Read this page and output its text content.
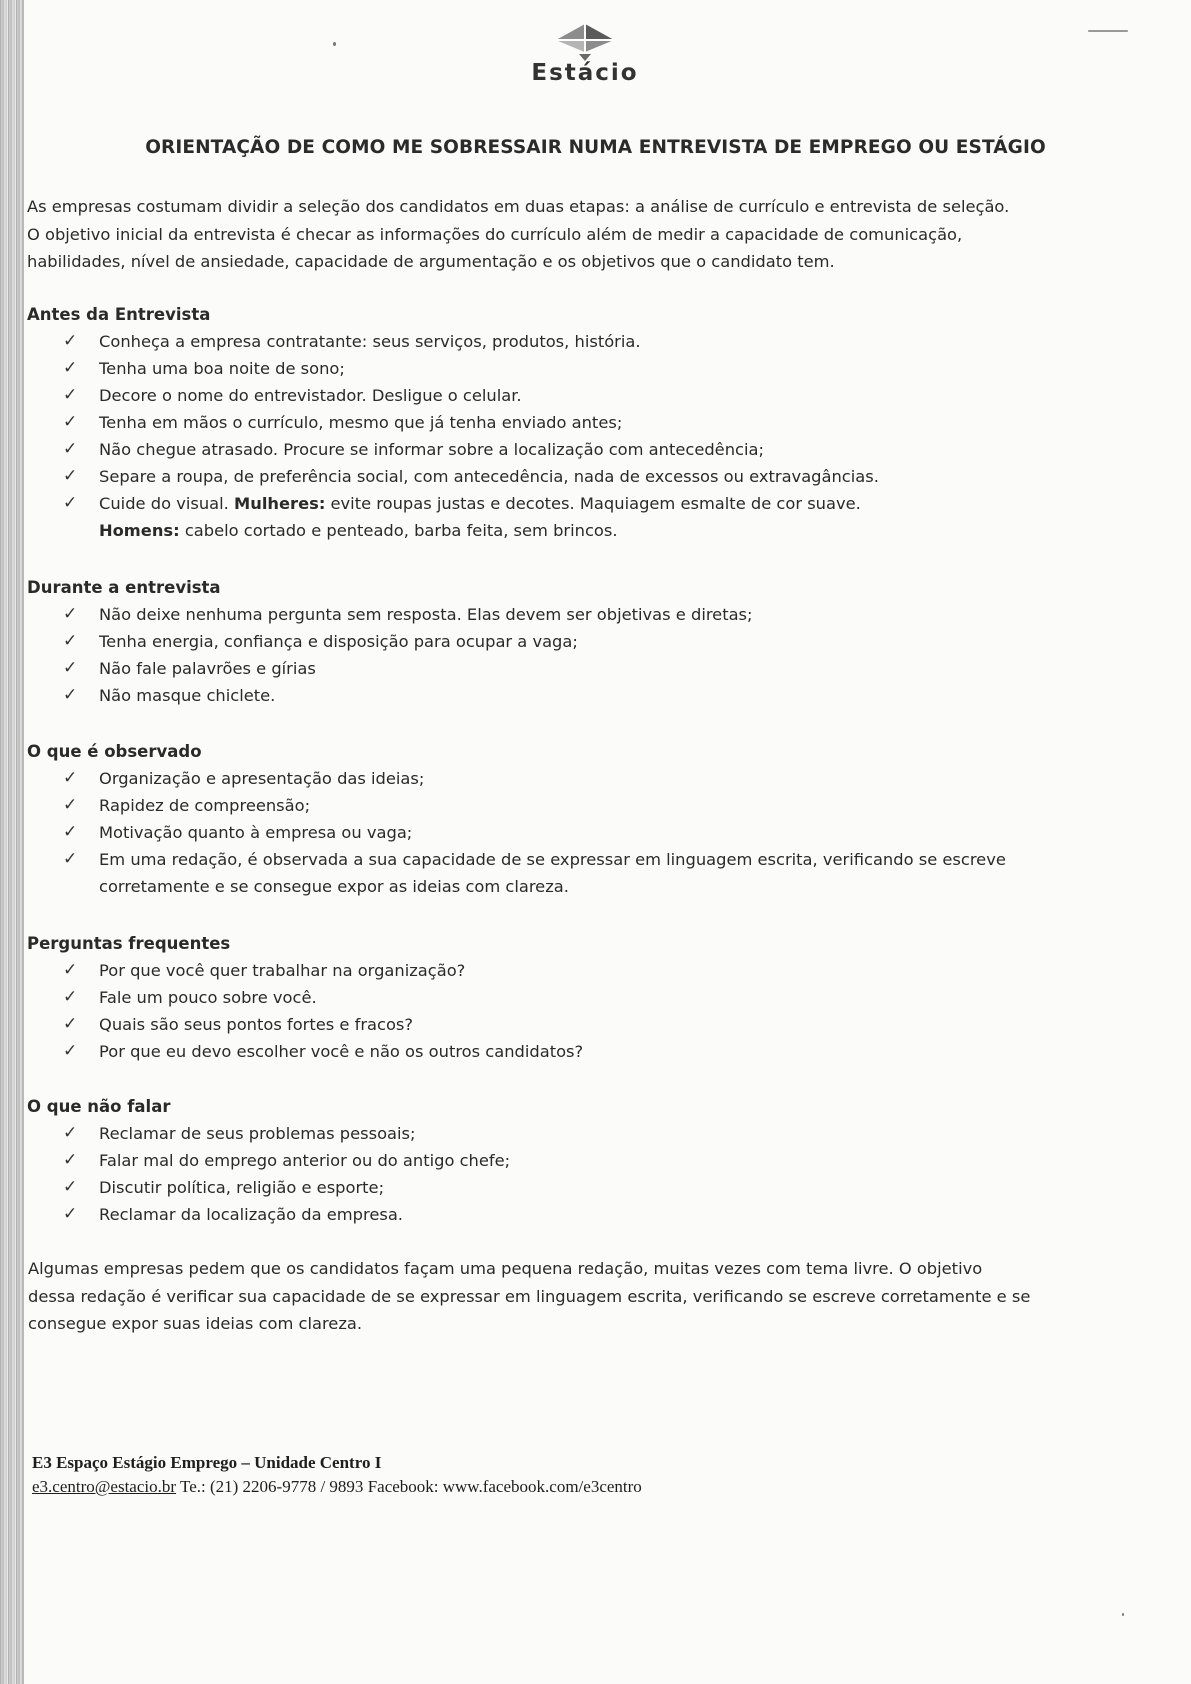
Estácio
ORIENTAÇÃO DE COMO ME SOBRESSAIR NUMA ENTREVISTA DE EMPREGO OU ESTÁGIO

As empresas costumam dividir a seleção dos candidatos em duas etapas: a análise de currículo e entrevista de seleção.

O objetivo inicial da entrevista é checar as informações do currículo além de medir a capacidade de comunicação,

habilidades, nível de ansiedade, capacidade de argumentação e os objetivos que o candidato tem.

Antes da Entrevista

✓ Conheça a empresa contratante: seus serviços, produtos, história.
✓ Tenha uma boa noite de sono;
✓ Decore o nome do entrevistador. Desligue o celular.
✓ Tenha em mãos o currículo, mesmo que já tenha enviado antes;
✓ Não chegue atrasado. Procure se informar sobre a localização com antecedência;
✓ Separe a roupa, de preferência social, com antecedência, nada de excessos ou extravagâncias.
✓ Cuide do visual. Mulheres: evite roupas justas e decotes. Maquiagem esmalte de cor suave.
Homens: cabelo cortado e penteado, barba feita, sem brincos.

Durante a entrevista

✓ Não deixe nenhuma pergunta sem resposta. Elas devem ser objetivas e diretas;
✓ Tenha energia, confiança e disposição para ocupar a vaga;
✓ Não fale palavrões e gírias
✓ Não masque chiclete.

O que é observado

✓ Organização e apresentação das ideias;
✓ Rapidez de compreensão;
✓ Motivação quanto à empresa ou vaga;
✓ Em uma redação, é observada a sua capacidade de se expressar em linguagem escrita, verificando se escreve
corretamente e se consegue expor as ideias com clareza.

Perguntas frequentes

✓ Por que você quer trabalhar na organização?
✓ Fale um pouco sobre você.
✓ Quais são seus pontos fortes e fracos?
✓ Por que eu devo escolher você e não os outros candidatos?

O que não falar

✓ Reclamar de seus problemas pessoais;
✓ Falar mal do emprego anterior ou do antigo chefe;
✓ Discutir política, religião e esporte;
✓ Reclamar da localização da empresa.

Algumas empresas pedem que os candidatos façam uma pequena redação, muitas vezes com tema livre. O objetivo

dessa redação é verificar sua capacidade de se expressar em linguagem escrita, verificando se escreve corretamente e se

consegue expor suas ideias com clareza.

E3 Espaço Estágio Emprego – Unidade Centro I
e3.centro@estacio.br Te.: (21) 2206-9778 / 9893 Facebook: www.facebook.com/e3centro
